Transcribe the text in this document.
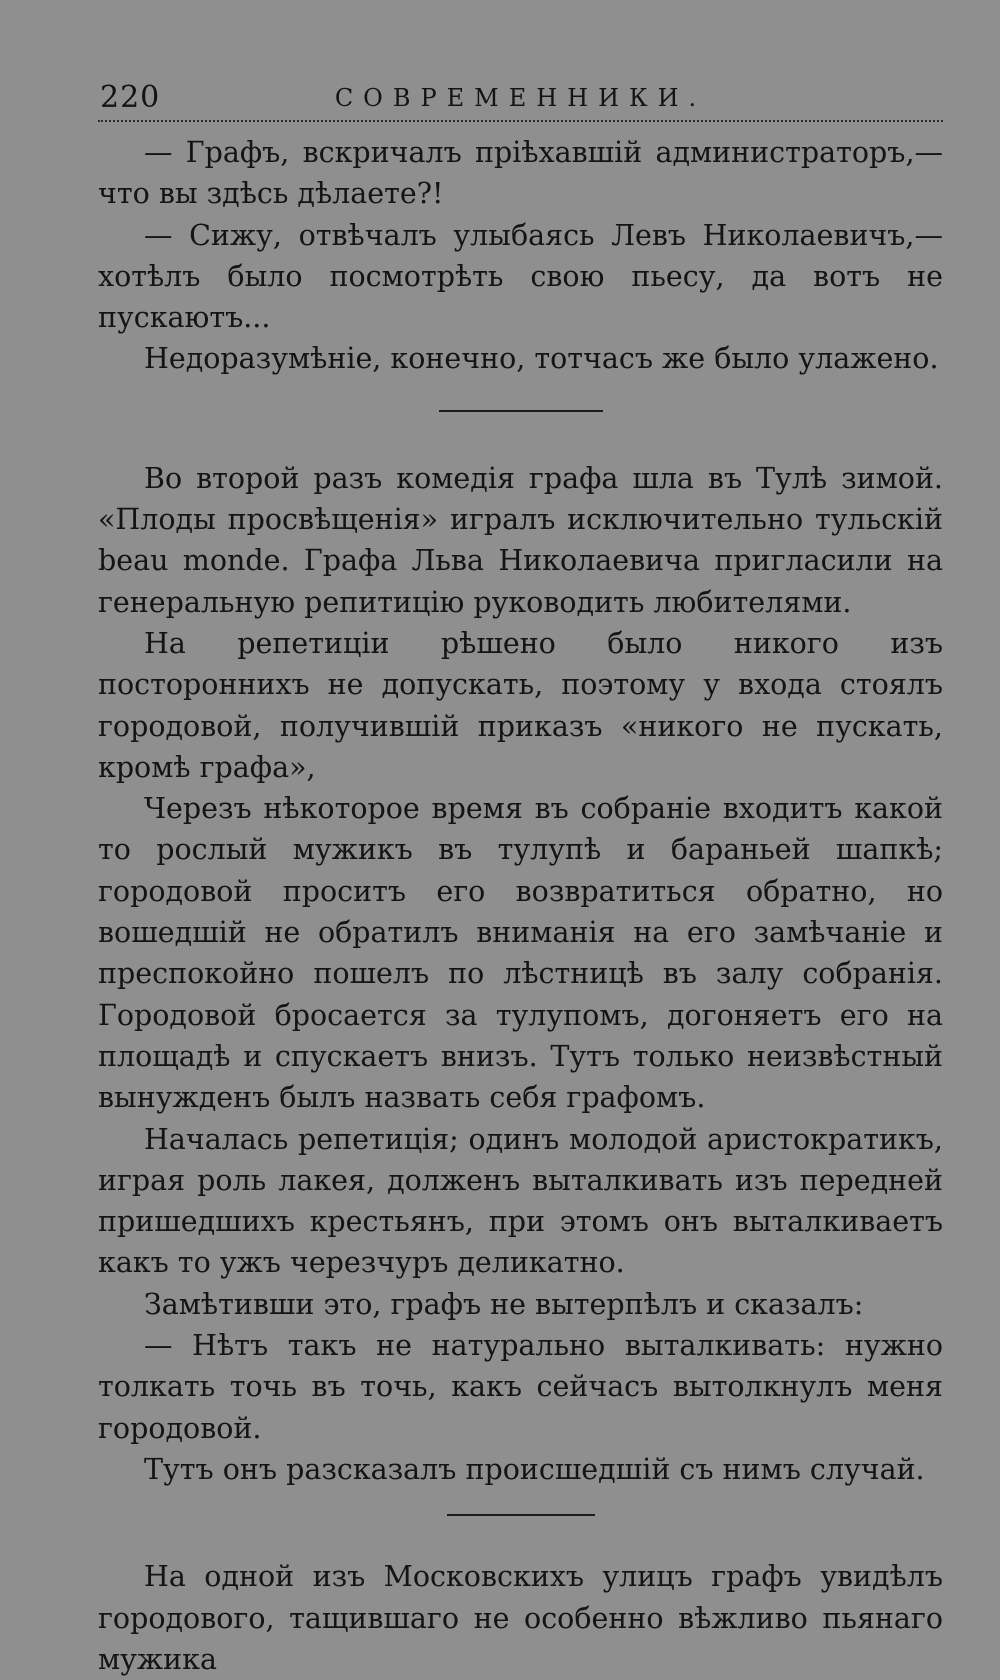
220	СОВРЕМЕННИКИ.

— Графъ, вскричалъ пріѣхавшій администраторъ,—что вы здѣсь дѣлаете?!

— Сижу, отвѣчалъ улыбаясь Левъ Николаевичъ,—хотѣлъ было посмотрѣть свою пьесу, да вотъ не пускаютъ...

Недоразумѣніе, конечно, тотчасъ же было улажено.

Во второй разъ комедія графа шла въ Тулѣ зимой. «Плоды просвѣщенія» игралъ исключительно тульскій beau monde. Графа Льва Николаевича пригласили на генеральную репитицію руководить любителями.

На репетиціи рѣшено было никого изъ постороннихъ не допускать, поэтому у входа стоялъ городовой, получившій приказъ «никого не пускать, кромѣ графа»,

Черезъ нѣкоторое время въ собраніе входитъ какой то рослый мужикъ въ тулупѣ и бараньей шапкѣ; городовой проситъ его возвратиться обратно, но вошедшій не обратилъ вниманія на его замѣчаніе и преспокойно пошелъ по лѣстницѣ въ залу собранія. Городовой бросается за тулупомъ, догоняетъ его на площадѣ и спускаетъ внизъ. Тутъ только неизвѣстный вынужденъ былъ назвать себя графомъ.

Началась репетиція; одинъ молодой аристократикъ, играя роль лакея, долженъ выталкивать изъ передней пришедшихъ крестьянъ, при этомъ онъ выталкиваетъ какъ то ужъ черезчуръ деликатно.

Замѣтивши это, графъ не вытерпѣлъ и сказалъ:

— Нѣтъ такъ не натурально выталкивать: нужно толкать точь въ точь, какъ сейчасъ вытолкнулъ меня городовой.

Тутъ онъ разсказалъ происшедшій съ нимъ случай.

На одной изъ Московскихъ улицъ графъ увидѣлъ городового, тащившаго не особенно вѣжливо пьянаго мужика
